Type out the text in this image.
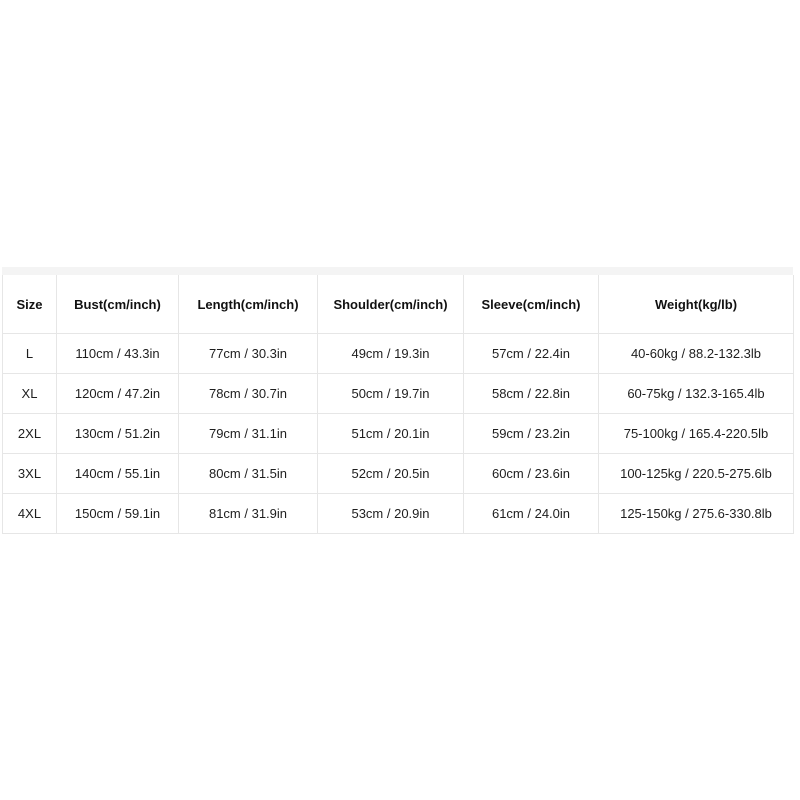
Size	Bust(cm/inch)	Length(cm/inch)	Shoulder(cm/inch)	Sleeve(cm/inch)	Weight(kg/lb)
L	110cm / 43.3in	77cm / 30.3in	49cm / 19.3in	57cm / 22.4in	40-60kg / 88.2-132.3lb
XL	120cm / 47.2in	78cm / 30.7in	50cm / 19.7in	58cm / 22.8in	60-75kg / 132.3-165.4lb
2XL	130cm / 51.2in	79cm / 31.1in	51cm / 20.1in	59cm / 23.2in	75-100kg / 165.4-220.5lb
3XL	140cm / 55.1in	80cm / 31.5in	52cm / 20.5in	60cm / 23.6in	100-125kg / 220.5-275.6lb
4XL	150cm / 59.1in	81cm / 31.9in	53cm / 20.9in	61cm / 24.0in	125-150kg / 275.6-330.8lb
